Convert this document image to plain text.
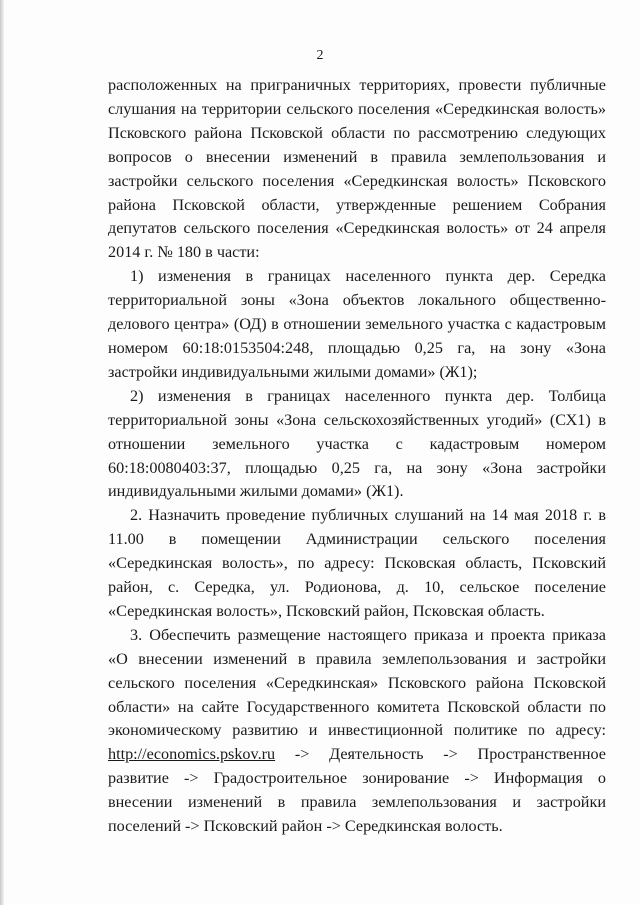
2

расположенных на приграничных территориях, провести публичные слушания на территории сельского поселения «Середкинская волость» Псковского района Псковской области по рассмотрению следующих вопросов о внесении изменений в правила землепользования и застройки сельского поселения «Середкинская волость» Псковского района Псковской области, утвержденные решением Собрания депутатов сельского поселения «Середкинская волость» от 24 апреля 2014 г. № 180 в части:

1) изменения в границах населенного пункта дер. Середка территориальной зоны «Зона объектов локального общественно-делового центра» (ОД) в отношении земельного участка с кадастровым номером 60:18:0153504:248, площадью 0,25 га, на зону «Зона застройки индивидуальными жилыми домами» (Ж1);

2) изменения в границах населенного пункта дер. Толбица территориальной зоны «Зона сельскохозяйственных угодий» (СХ1) в отношении земельного участка с кадастровым номером 60:18:0080403:37, площадью 0,25 га, на зону «Зона застройки индивидуальными жилыми домами» (Ж1).

2. Назначить проведение публичных слушаний на 14 мая 2018 г. в 11.00 в помещении Администрации сельского поселения «Середкинская волость», по адресу: Псковская область, Псковский район, с. Середка, ул. Родионова, д. 10, сельское поселение «Середкинская волость», Псковский район, Псковская область.

3. Обеспечить размещение настоящего приказа и проекта приказа «О внесении изменений в правила землепользования и застройки сельского поселения «Середкинская» Псковского района Псковской области» на сайте Государственного комитета Псковской области по экономическому развитию и инвестиционной политике по адресу: http://economics.pskov.ru -> Деятельность -> Пространственное развитие -> Градостроительное зонирование -> Информация о внесении изменений в правила землепользования и застройки поселений -> Псковский район -> Середкинская волость.
